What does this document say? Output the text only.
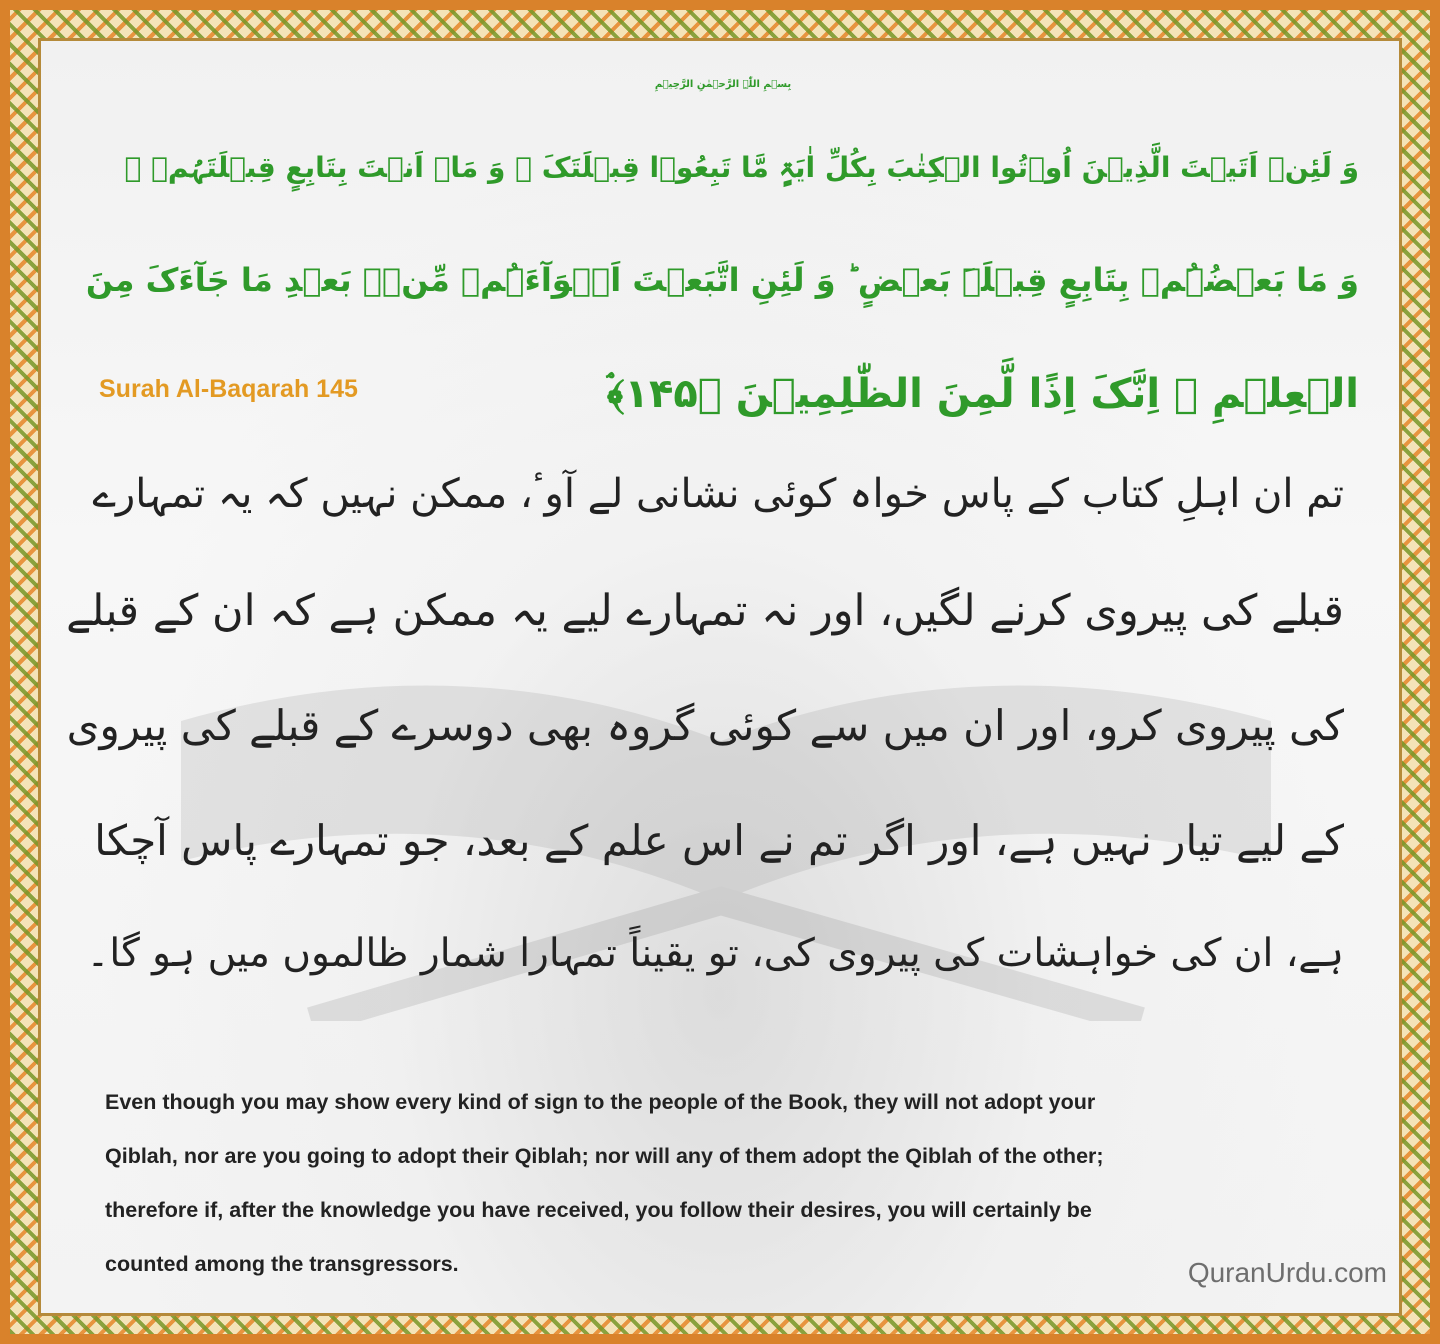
بِسۡمِ اللّٰہِ الرَّحۡمٰنِ الرَّحِیۡمِ
وَ لَئِنۡ اَتَیۡتَ الَّذِیۡنَ اُوۡتُوا الۡکِتٰبَ بِکُلِّ اٰیَۃٍ مَّا تَبِعُوۡا قِبۡلَتَکَ ۚ وَ مَاۤ اَنۡتَ بِتَابِعٍ قِبۡلَتَہُمۡ ۚ
وَ مَا بَعۡضُہُمۡ بِتَابِعٍ قِبۡلَۃَ بَعۡضٍ ؕ وَ لَئِنِ اتَّبَعۡتَ اَہۡوَآءَہُمۡ مِّنۡۢ بَعۡدِ مَا جَآءَکَ مِنَ
الۡعِلۡمِ ۙ اِنَّکَ اِذًا لَّمِنَ الظّٰلِمِیۡنَ ﴿۱۴۵﴾ۘ
Surah Al-Baqarah 145
تم ان اہلِ کتاب کے پاس خواہ کوئی نشانی لے آوٴ، ممکن نہیں کہ یہ تمہارے
قبلے کی پیروی کرنے لگیں، اور نہ تمہارے لیے یہ ممکن ہے کہ ان کے قبلے
کی پیروی کرو، اور ان میں سے کوئی گروہ بھی دوسرے کے قبلے کی پیروی
کے لیے تیار نہیں ہے، اور اگر تم نے اس علم کے بعد، جو تمہارے پاس آچکا
ہے، ان کی خواہشات کی پیروی کی، تو یقیناً تمہارا شمار ظالموں میں ہو گا۔
Even though you may show every kind of sign to the people of the Book, they will not adopt your
Qiblah, nor are you going to adopt their Qiblah; nor will any of them adopt the Qiblah of the other;
therefore if, after the knowledge you have received, you follow their desires, you will certainly be
counted among the transgressors.	QuranUrdu.com
